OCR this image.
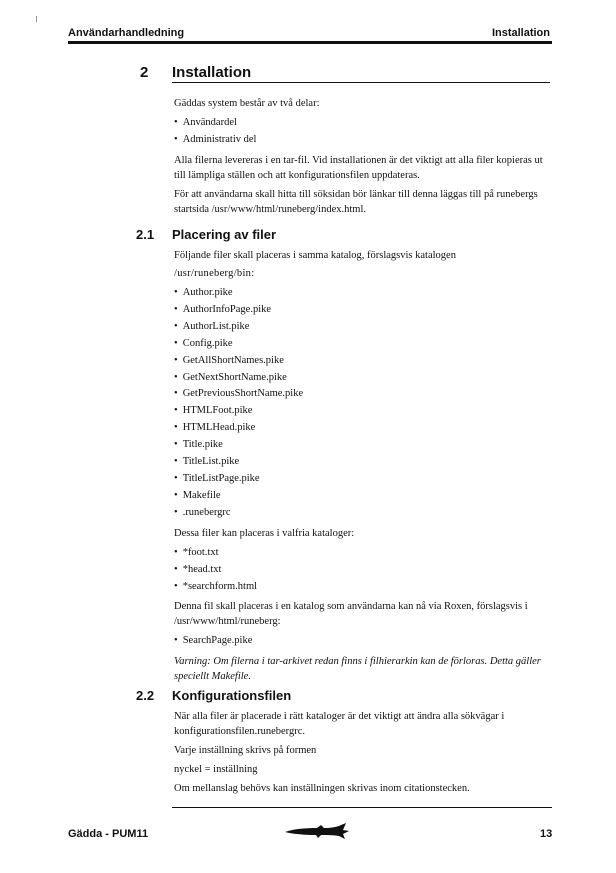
Användarhandledning	Installation
2 Installation

Gäddas system består av två delar:

• Användardel
• Administrativ del

Alla filerna levereras i en tar-fil. Vid installationen är det viktigt att alla filer kopieras ut till lämpliga ställen och att konfigurationsfilen uppdateras.

För att användarna skall hitta till söksidan bör länkar till denna läggas till på runebergs startsida /usr/www/html/runeberg/index.html.

2.1 Placering av filer

Följande filer skall placeras i samma katalog, förslagsvis katalogen

/usr/runeberg/bin:

• Author.pike
• AuthorInfoPage.pike
• AuthorList.pike
• Config.pike
• GetAllShortNames.pike
• GetNextShortName.pike
• GetPreviousShortName.pike
• HTMLFoot.pike
• HTMLHead.pike
• Title.pike
• TitleList.pike
• TitleListPage.pike
• Makefile
• .runebergrc

Dessa filer kan placeras i valfria kataloger:

• *foot.txt
• *head.txt
• *searchform.html

Denna fil skall placeras i en katalog som användarna kan nå via Roxen, förslagsvis i /usr/www/html/runeberg:

• SearchPage.pike

Varning: Om filerna i tar-arkivet redan finns i filhierarkin kan de förloras. Detta gäller speciellt Makefile.

2.2 Konfigurationsfilen

När alla filer är placerade i rätt kataloger är det viktigt att ändra alla sökvägar i konfigurationsfilen.runebergrc.

Varje inställning skrivs på formen

nyckel = inställning

Om mellanslag behövs kan inställningen skrivas inom citationstecken.

Gädda - PUM11	13
